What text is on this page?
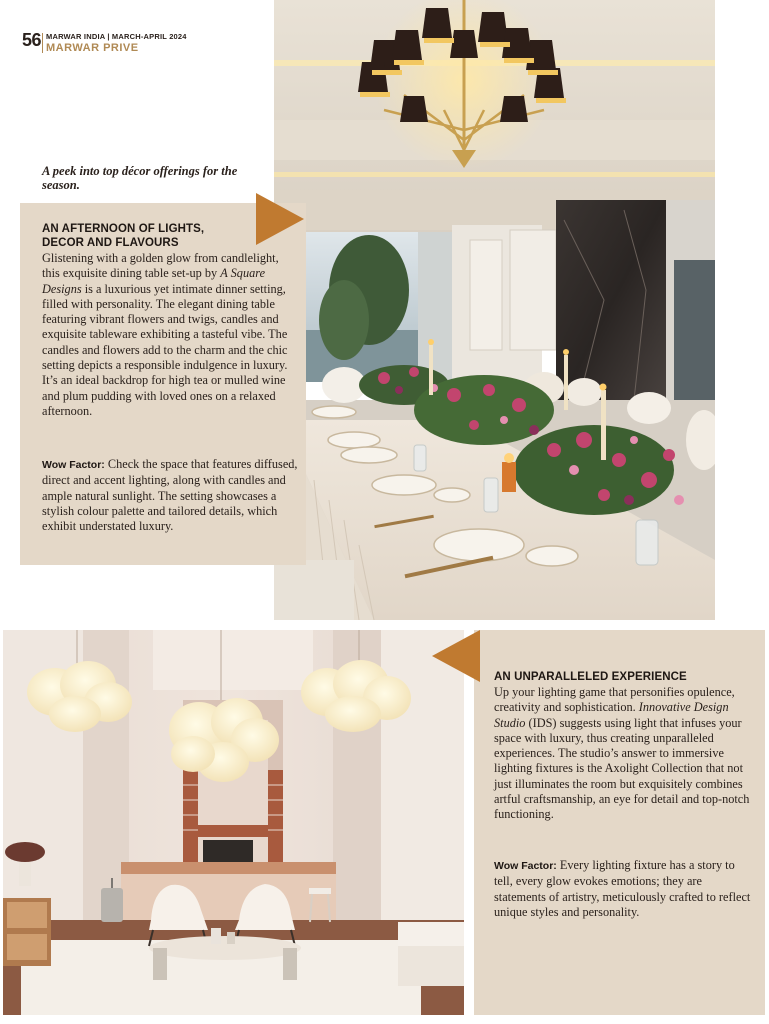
56 MARWAR INDIA | MARCH-APRIL 2024
MARWAR PRIVE
A peek into top décor offerings for the season.
AN AFTERNOON OF LIGHTS,
DECOR AND FLAVOURS
Glistening with a golden glow from candlelight, this exquisite dining table set-up by A Square Designs is a luxurious yet intimate dinner setting, filled with personality. The elegant dining table featuring vibrant flowers and twigs, candles and exquisite tableware exhibiting a tasteful vibe. The candles and flowers add to the charm and the chic setting depicts a responsible indulgence in luxury. It’s an ideal backdrop for high tea or mulled wine and plum pudding with loved ones on a relaxed afternoon.
Wow Factor: Check the space that features diffused, direct and accent lighting, along with candles and ample natural sunlight. The setting showcases a stylish colour palette and tailored details, which exhibit understated luxury.
AN UNPARALLELED EXPERIENCE
Up your lighting game that personifies opulence, creativity and sophistication. Innovative Design Studio (IDS) suggests using light that infuses your space with luxury, thus creating unparalleled experiences. The studio’s answer to immersive lighting fixtures is the Axolight Collection that not just illuminates the room but exquisitely combines artful craftsmanship, an eye for detail and top-notch functioning.
Wow Factor: Every lighting fixture has a story to tell, every glow evokes emotions; they are statements of artistry, meticulously crafted to reflect unique styles and personality.
